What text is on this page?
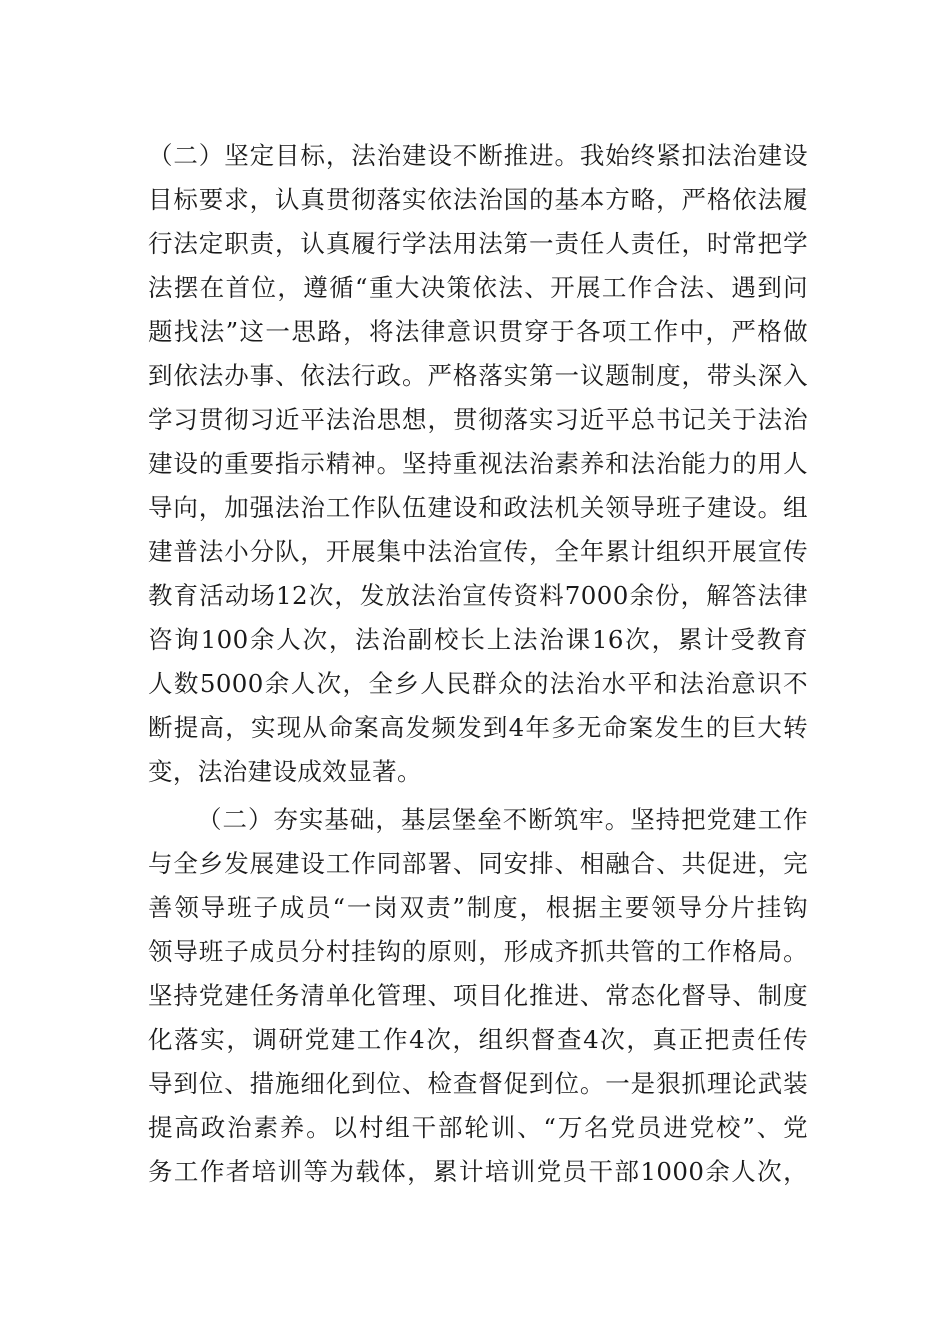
（二）坚定目标，法治建设不断推进。我始终紧扣法治建设
目标要求，认真贯彻落实依法治国的基本方略，严格依法履
行法定职责，认真履行学法用法第一责任人责任，时常把学
法摆在首位，遵循“重大决策依法、开展工作合法、遇到问
题找法”这一思路，将法律意识贯穿于各项工作中，严格做
到依法办事、依法行政。严格落实第一议题制度，带头深入
学习贯彻习近平法治思想，贯彻落实习近平总书记关于法治
建设的重要指示精神。坚持重视法治素养和法治能力的用人
导向，加强法治工作队伍建设和政法机关领导班子建设。组
建普法小分队，开展集中法治宣传，全年累计组织开展宣传
教育活动场12次，发放法治宣传资料7000余份，解答法律
咨询100余人次，法治副校长上法治课16次，累计受教育
人数5000余人次，全乡人民群众的法治水平和法治意识不
断提高，实现从命案高发频发到4年多无命案发生的巨大转
变，法治建设成效显著。
（二）夯实基础，基层堡垒不断筑牢。坚持把党建工作
与全乡发展建设工作同部署、同安排、相融合、共促进，完
善领导班子成员“一岗双责”制度，根据主要领导分片挂钩
领导班子成员分村挂钩的原则，形成齐抓共管的工作格局。
坚持党建任务清单化管理、项目化推进、常态化督导、制度
化落实，调研党建工作4次，组织督查4次，真正把责任传
导到位、措施细化到位、检查督促到位。一是狠抓理论武装
提高政治素养。以村组干部轮训、“万名党员进党校”、党
务工作者培训等为载体，累计培训党员干部1000余人次，
